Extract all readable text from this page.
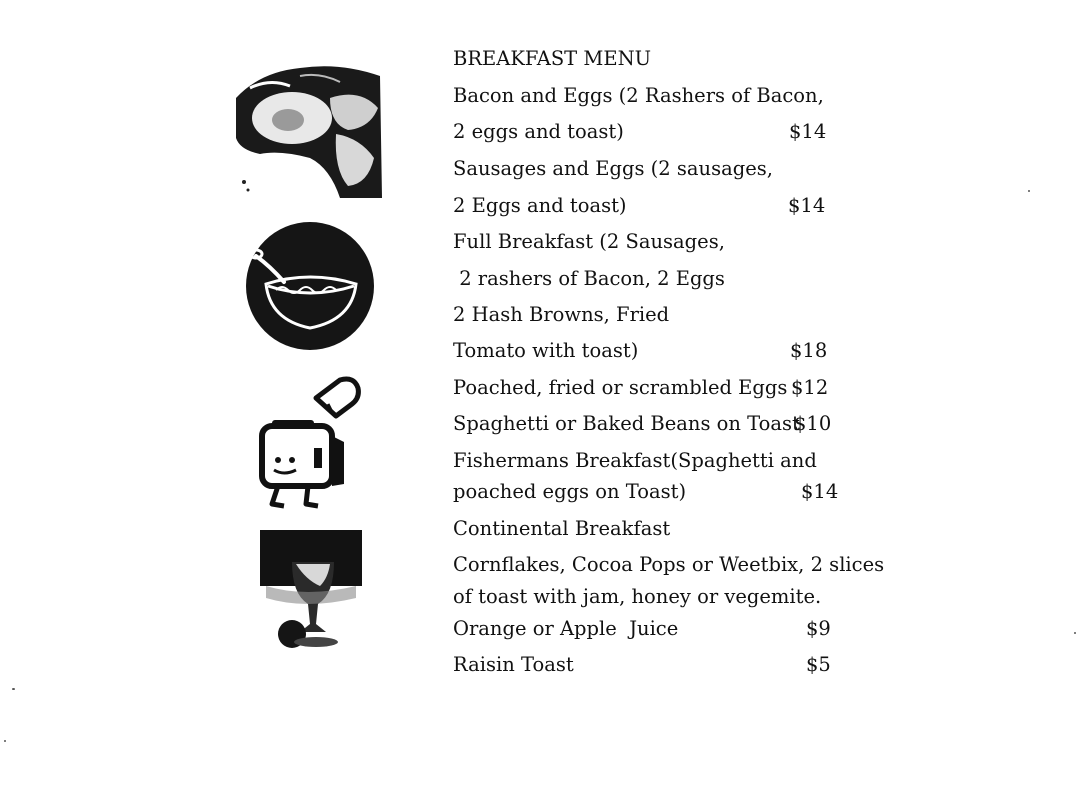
BREAKFAST MENU
Bacon and Eggs (2 Rashers of Bacon,
2 eggs and toast)
Sausages and Eggs (2 sausages,
2 Eggs and toast)
Full Breakfast (2 Sausages,
2 rashers of Bacon, 2 Eggs
2 Hash Browns, Fried
Tomato with toast)
Poached, fried or scrambled Eggs
Spaghetti or Baked Beans on Toast
Fishermans Breakfast(Spaghetti and
poached eggs on Toast)
Continental Breakfast
Cornflakes, Cocoa Pops or Weetbix, 2 slices
of toast with jam, honey or vegemite.
Orange or Apple  Juice
Raisin Toast
$14
$14
$18
$12
$10
$14
$9
$5
